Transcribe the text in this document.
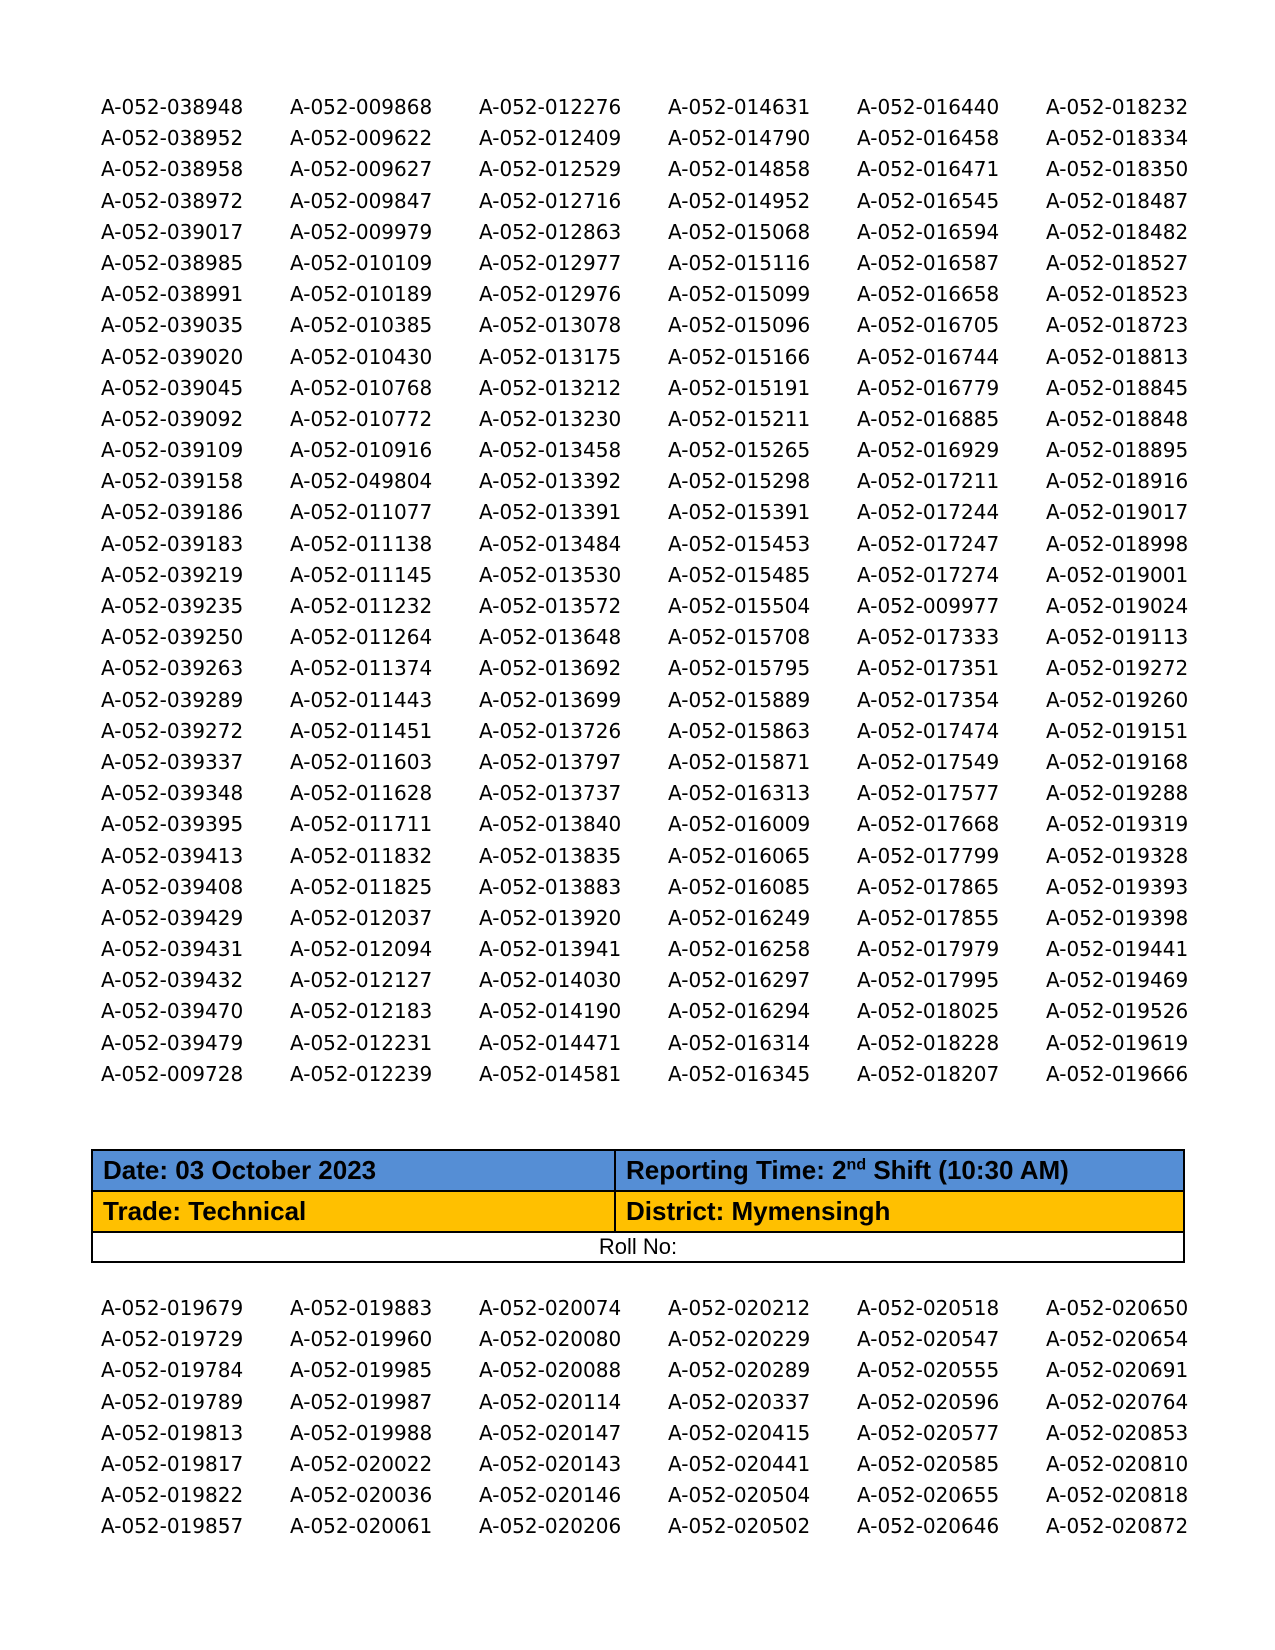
A-052-038948	A-052-009868	A-052-012276	A-052-014631	A-052-016440	A-052-018232
A-052-038952	A-052-009622	A-052-012409	A-052-014790	A-052-016458	A-052-018334
A-052-038958	A-052-009627	A-052-012529	A-052-014858	A-052-016471	A-052-018350
A-052-038972	A-052-009847	A-052-012716	A-052-014952	A-052-016545	A-052-018487
A-052-039017	A-052-009979	A-052-012863	A-052-015068	A-052-016594	A-052-018482
A-052-038985	A-052-010109	A-052-012977	A-052-015116	A-052-016587	A-052-018527
A-052-038991	A-052-010189	A-052-012976	A-052-015099	A-052-016658	A-052-018523
A-052-039035	A-052-010385	A-052-013078	A-052-015096	A-052-016705	A-052-018723
A-052-039020	A-052-010430	A-052-013175	A-052-015166	A-052-016744	A-052-018813
A-052-039045	A-052-010768	A-052-013212	A-052-015191	A-052-016779	A-052-018845
A-052-039092	A-052-010772	A-052-013230	A-052-015211	A-052-016885	A-052-018848
A-052-039109	A-052-010916	A-052-013458	A-052-015265	A-052-016929	A-052-018895
A-052-039158	A-052-049804	A-052-013392	A-052-015298	A-052-017211	A-052-018916
A-052-039186	A-052-011077	A-052-013391	A-052-015391	A-052-017244	A-052-019017
A-052-039183	A-052-011138	A-052-013484	A-052-015453	A-052-017247	A-052-018998
A-052-039219	A-052-011145	A-052-013530	A-052-015485	A-052-017274	A-052-019001
A-052-039235	A-052-011232	A-052-013572	A-052-015504	A-052-009977	A-052-019024
A-052-039250	A-052-011264	A-052-013648	A-052-015708	A-052-017333	A-052-019113
A-052-039263	A-052-011374	A-052-013692	A-052-015795	A-052-017351	A-052-019272
A-052-039289	A-052-011443	A-052-013699	A-052-015889	A-052-017354	A-052-019260
A-052-039272	A-052-011451	A-052-013726	A-052-015863	A-052-017474	A-052-019151
A-052-039337	A-052-011603	A-052-013797	A-052-015871	A-052-017549	A-052-019168
A-052-039348	A-052-011628	A-052-013737	A-052-016313	A-052-017577	A-052-019288
A-052-039395	A-052-011711	A-052-013840	A-052-016009	A-052-017668	A-052-019319
A-052-039413	A-052-011832	A-052-013835	A-052-016065	A-052-017799	A-052-019328
A-052-039408	A-052-011825	A-052-013883	A-052-016085	A-052-017865	A-052-019393
A-052-039429	A-052-012037	A-052-013920	A-052-016249	A-052-017855	A-052-019398
A-052-039431	A-052-012094	A-052-013941	A-052-016258	A-052-017979	A-052-019441
A-052-039432	A-052-012127	A-052-014030	A-052-016297	A-052-017995	A-052-019469
A-052-039470	A-052-012183	A-052-014190	A-052-016294	A-052-018025	A-052-019526
A-052-039479	A-052-012231	A-052-014471	A-052-016314	A-052-018228	A-052-019619
A-052-009728	A-052-012239	A-052-014581	A-052-016345	A-052-018207	A-052-019666
Date: 03 October 2023	Reporting Time: 2nd Shift (10:30 AM)
Trade: Technical	District: Mymensingh
Roll No:
A-052-019679	A-052-019883	A-052-020074	A-052-020212	A-052-020518	A-052-020650
A-052-019729	A-052-019960	A-052-020080	A-052-020229	A-052-020547	A-052-020654
A-052-019784	A-052-019985	A-052-020088	A-052-020289	A-052-020555	A-052-020691
A-052-019789	A-052-019987	A-052-020114	A-052-020337	A-052-020596	A-052-020764
A-052-019813	A-052-019988	A-052-020147	A-052-020415	A-052-020577	A-052-020853
A-052-019817	A-052-020022	A-052-020143	A-052-020441	A-052-020585	A-052-020810
A-052-019822	A-052-020036	A-052-020146	A-052-020504	A-052-020655	A-052-020818
A-052-019857	A-052-020061	A-052-020206	A-052-020502	A-052-020646	A-052-020872
